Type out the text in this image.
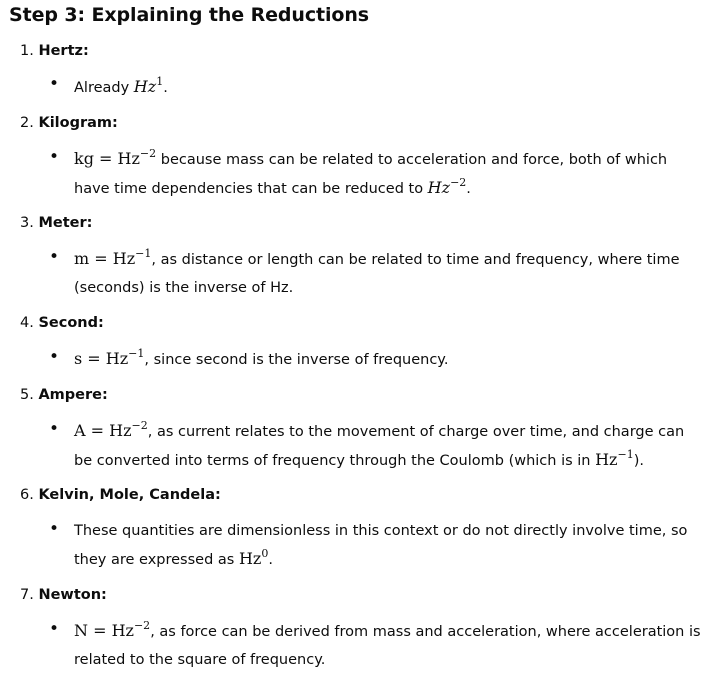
Step 3: Explaining the Reductions
1. Hertz:
• Already Hz$^1$.
2. Kilogram:
• kg = $Hz^{-2}$ because mass can be related to acceleration and force, both of which have time dependencies that can be reduced to $Hz^{-2}$.
3. Meter:
• $m = Hz^{-1}$, as distance or length can be related to time and frequency, where time (seconds) is the inverse of Hz.
4. Second:
• $s = Hz^{-1}$, since second is the inverse of frequency.
5. Ampere:
• $A = Hz^{-2}$, as current relates to the movement of charge over time, and charge can be converted into terms of frequency through the Coulomb (which is in $Hz^{-1}$).
6. Kelvin, Mole, Candela:
• These quantities are dimensionless in this context or do not directly involve time, so they are expressed as Hz$^0$.
7. Newton:
• $N = Hz^{-2}$, as force can be derived from mass and acceleration, where acceleration is related to the square of frequency.
